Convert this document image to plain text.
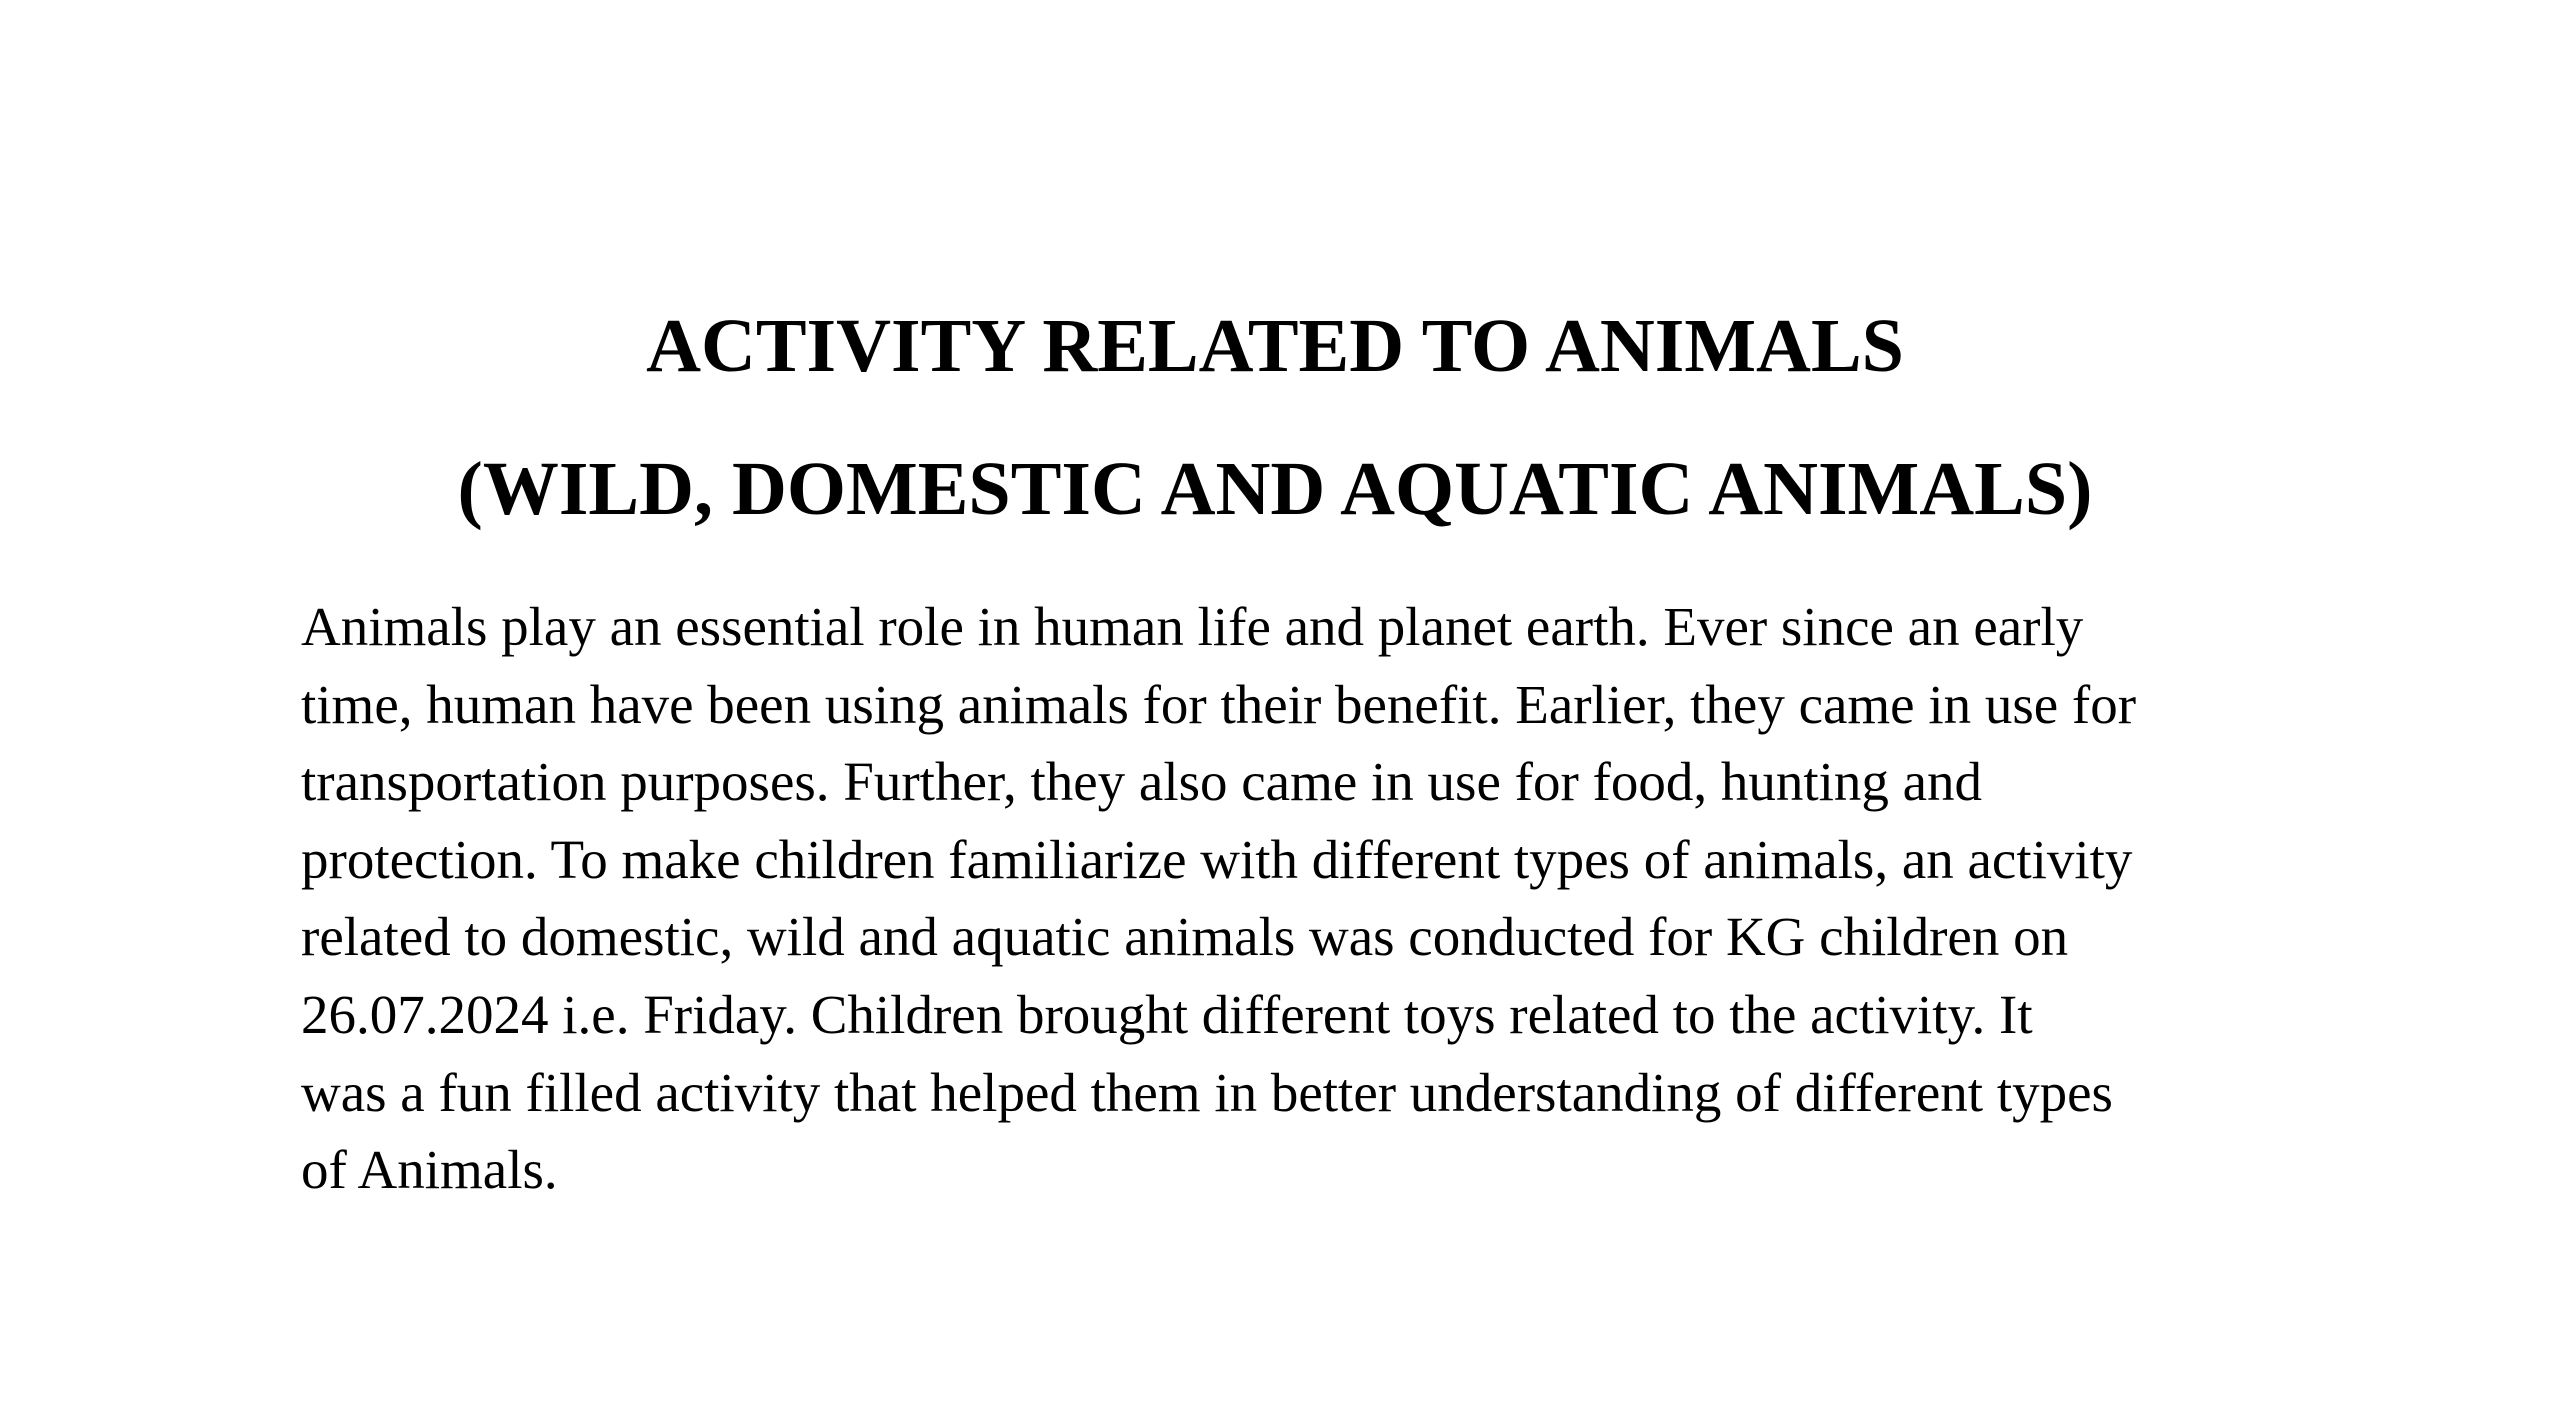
ACTIVITY RELATED TO ANIMALS
(WILD, DOMESTIC AND AQUATIC ANIMALS)
Animals play an essential role in human life and planet earth. Ever since an early
time, human have been using animals for their benefit. Earlier, they came in use for
transportation purposes. Further, they also came in use for food, hunting and
protection. To make children familiarize with different types of animals, an activity
related to domestic, wild and aquatic animals was conducted for KG children on
26.07.2024 i.e. Friday. Children brought different toys related to the activity. It
was a fun filled activity that helped them in better understanding of different types
of Animals.
